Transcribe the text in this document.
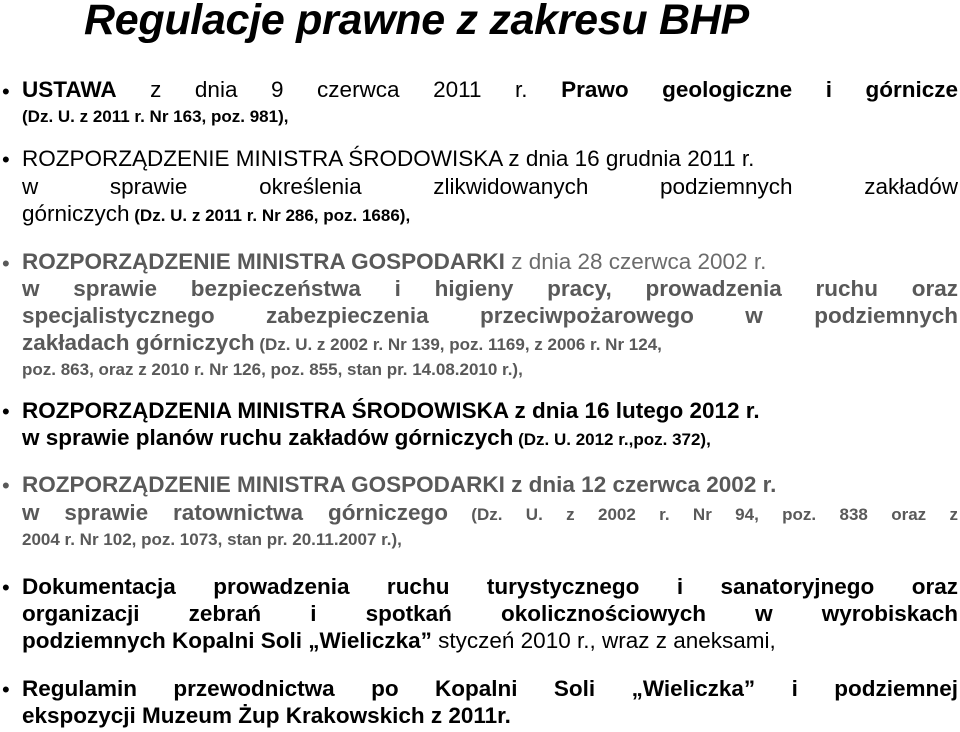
Regulacje prawne z zakresu BHP
• USTAWA z dnia 9 czerwca 2011 r. Prawo geologiczne i górnicze
(Dz. U. z 2011 r. Nr 163, poz. 981),
• ROZPORZĄDZENIE MINISTRA ŚRODOWISKA z dnia 16 grudnia 2011 r.
w sprawie określenia zlikwidowanych podziemnych zakładów
górniczych (Dz. U. z 2011 r. Nr 286, poz. 1686),
• ROZPORZĄDZENIE MINISTRA GOSPODARKI z dnia 28 czerwca 2002 r.
w sprawie bezpieczeństwa i higieny pracy, prowadzenia ruchu oraz
specjalistycznego zabezpieczenia przeciwpożarowego w podziemnych
zakładach górniczych (Dz. U. z 2002 r. Nr 139, poz. 1169, z 2006 r. Nr 124,
poz. 863, oraz z 2010 r. Nr 126, poz. 855, stan pr. 14.08.2010 r.),
• ROZPORZĄDZENIA MINISTRA ŚRODOWISKA z dnia 16 lutego 2012 r.
w sprawie planów ruchu zakładów górniczych (Dz. U. 2012 r.,poz. 372),
• ROZPORZĄDZENIE MINISTRA GOSPODARKI z dnia 12 czerwca 2002 r.
w sprawie ratownictwa górniczego (Dz. U. z 2002 r. Nr 94, poz. 838 oraz z
2004 r. Nr 102, poz. 1073, stan pr. 20.11.2007 r.),
• Dokumentacja prowadzenia ruchu turystycznego i sanatoryjnego oraz
organizacji zebrań i spotkań okolicznościowych w wyrobiskach
podziemnych Kopalni Soli „Wieliczka” styczeń 2010 r., wraz z aneksami,
• Regulamin przewodnictwa po Kopalni Soli „Wieliczka” i podziemnej
ekspozycji Muzeum Żup Krakowskich z 2011r.
